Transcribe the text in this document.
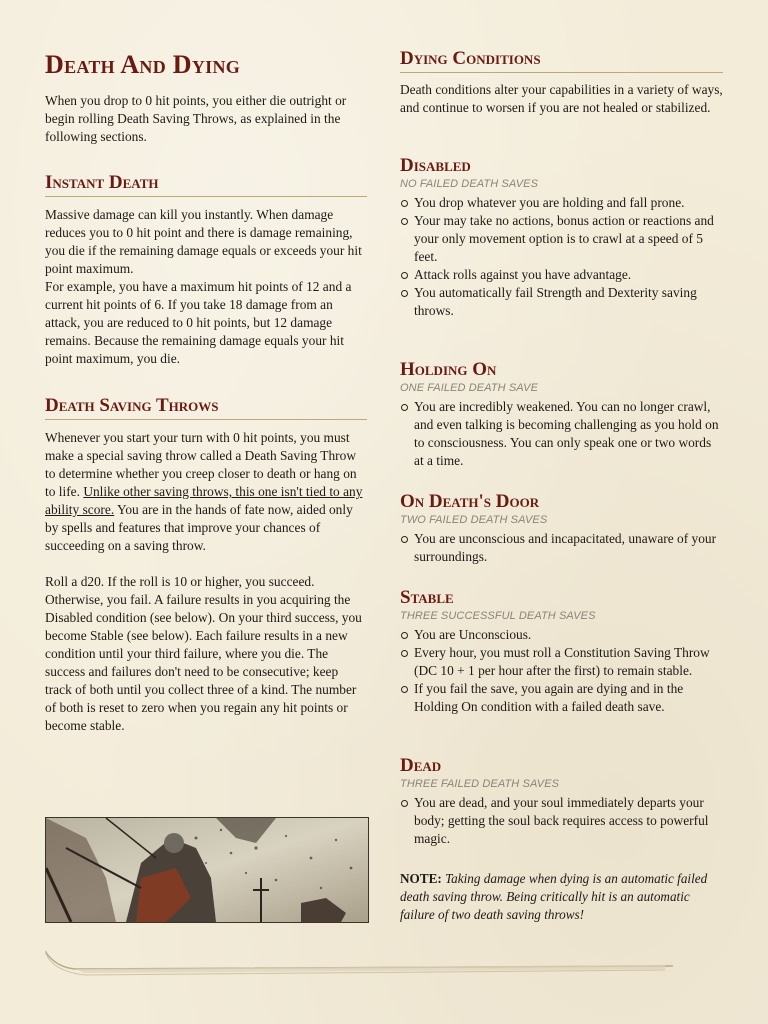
Death And Dying

When you drop to 0 hit points, you either die outright or begin rolling Death Saving Throws, as explained in the following sections.

Instant Death

Massive damage can kill you instantly. When damage reduces you to 0 hit point and there is damage remaining, you die if the remaining damage equals or exceeds your hit point maximum.

For example, you have a maximum hit points of 12 and a current hit points of 6. If you take 18 damage from an attack, you are reduced to 0 hit points, but 12 damage remains. Because the remaining damage equals your hit point maximum, you die.

Death Saving Throws

Whenever you start your turn with 0 hit points, you must make a special saving throw called a Death Saving Throw to determine whether you creep closer to death or hang on to life. Unlike other saving throws, this one isn't tied to any ability score. You are in the hands of fate now, aided only by spells and features that improve your chances of succeeding on a saving throw.

Roll a d20. If the roll is 10 or higher, you succeed. Otherwise, you fail. A failure results in you acquiring the Disabled condition (see below). On your third success, you become Stable (see below). Each failure results in a new condition until your third failure, where you die. The success and failures don't need to be consecutive; keep track of both until you collect three of a kind. The number of both is reset to zero when you regain any hit points or become stable.

Dying Conditions

Death conditions alter your capabilities in a variety of ways, and continue to worsen if you are not healed or stabilized.

Disabled
NO FAILED DEATH SAVES
You drop whatever you are holding and fall prone.
Your may take no actions, bonus action or reactions and your only movement option is to crawl at a speed of 5 feet.
Attack rolls against you have advantage.
You automatically fail Strength and Dexterity saving throws.
Holding On
ONE FAILED DEATH SAVE
You are incredibly weakened. You can no longer crawl, and even talking is becoming challenging as you hold on to consciousness. You can only speak one or two words at a time.
On Death's Door
TWO FAILED DEATH SAVES
You are unconscious and incapacitated, unaware of your surroundings.
Stable
THREE SUCCESSFUL DEATH SAVES
You are Unconscious.
Every hour, you must roll a Constitution Saving Throw (DC 10 + 1 per hour after the first) to remain stable.
If you fail the save, you again are dying and in the Holding On condition with a failed death save.
Dead
THREE FAILED DEATH SAVES
You are dead, and your soul immediately departs your body; getting the soul back requires access to powerful magic.

NOTE: Taking damage when dying is an automatic failed death saving throw. Being critically hit is an automatic failure of two death saving throws!
